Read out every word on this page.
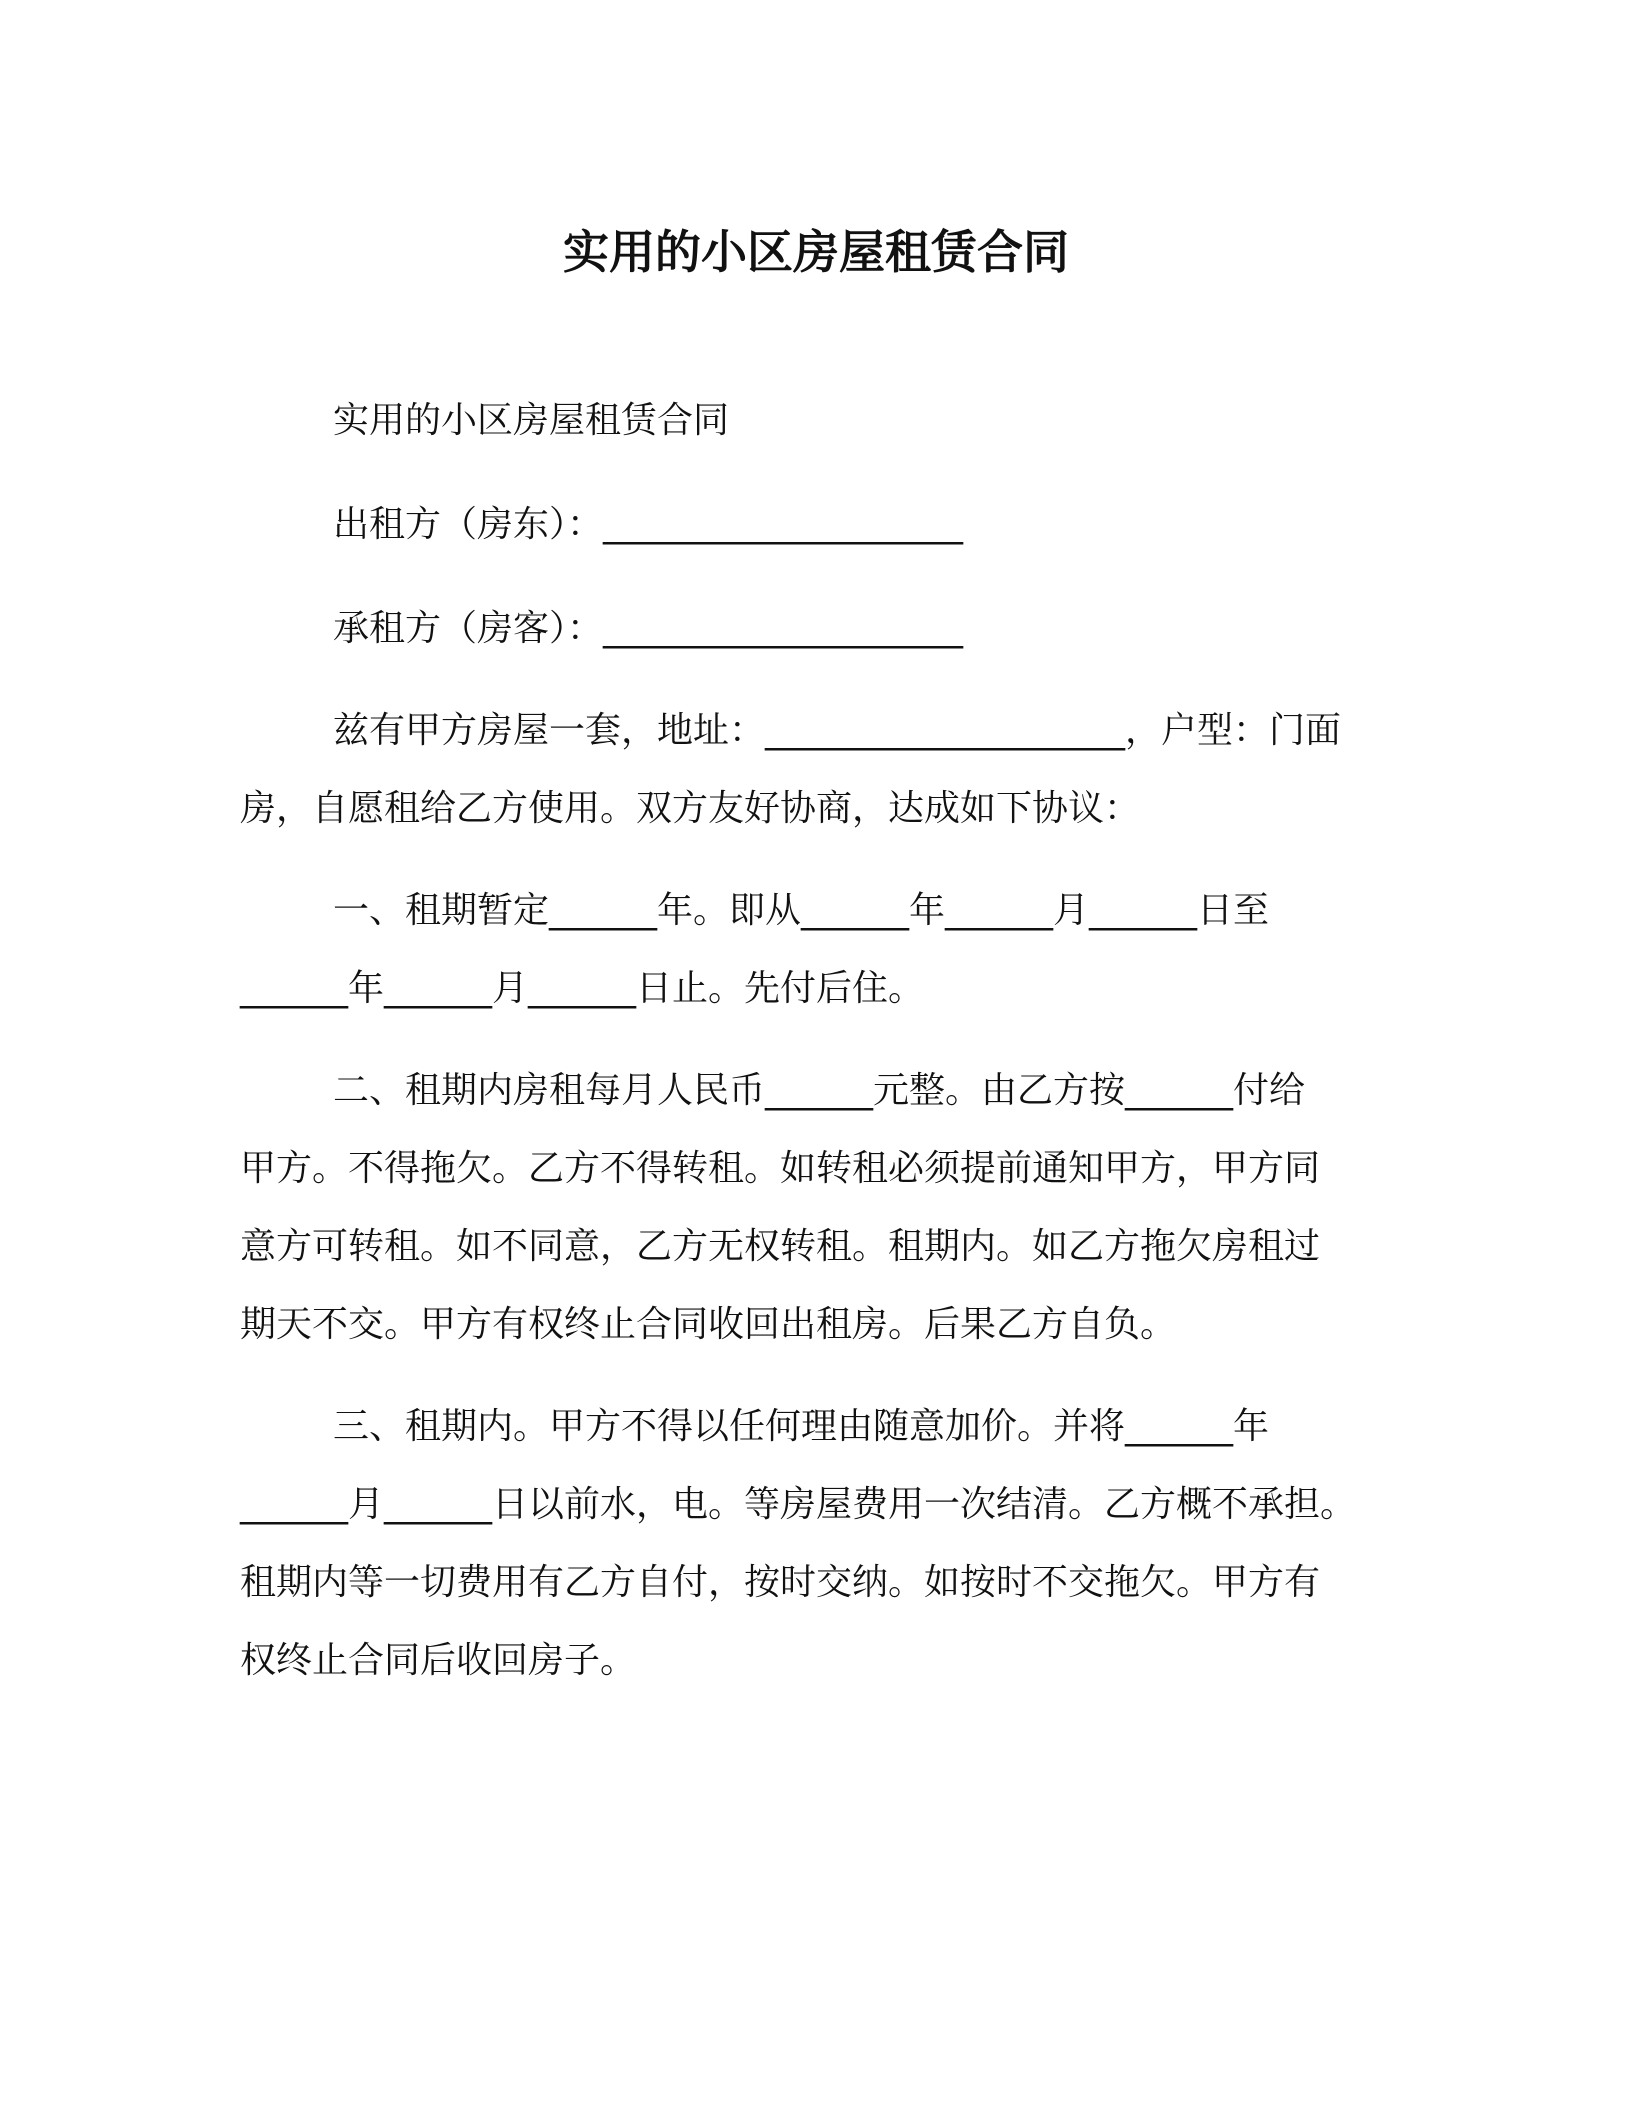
实用的小区房屋租赁合同

实用的小区房屋租赁合同

出租方（房东）：____________________

承租方（房客）：____________________

兹有甲方房屋一套，地址：____________________，户型：门面

房，自愿租给乙方使用。双方友好协商，达成如下协议：

一、租期暂定______年。即从______年______月______日至

______年______月______日止。先付后住。

二、租期内房租每月人民币______元整。由乙方按______付给

甲方。不得拖欠。乙方不得转租。如转租必须提前通知甲方，甲方同

意方可转租。如不同意，乙方无权转租。租期内。如乙方拖欠房租过

期天不交。甲方有权终止合同收回出租房。后果乙方自负。

三、租期内。甲方不得以任何理由随意加价。并将______年

______月______日以前水，电。等房屋费用一次结清。乙方概不承担。

租期内等一切费用有乙方自付，按时交纳。如按时不交拖欠。甲方有

权终止合同后收回房子。
